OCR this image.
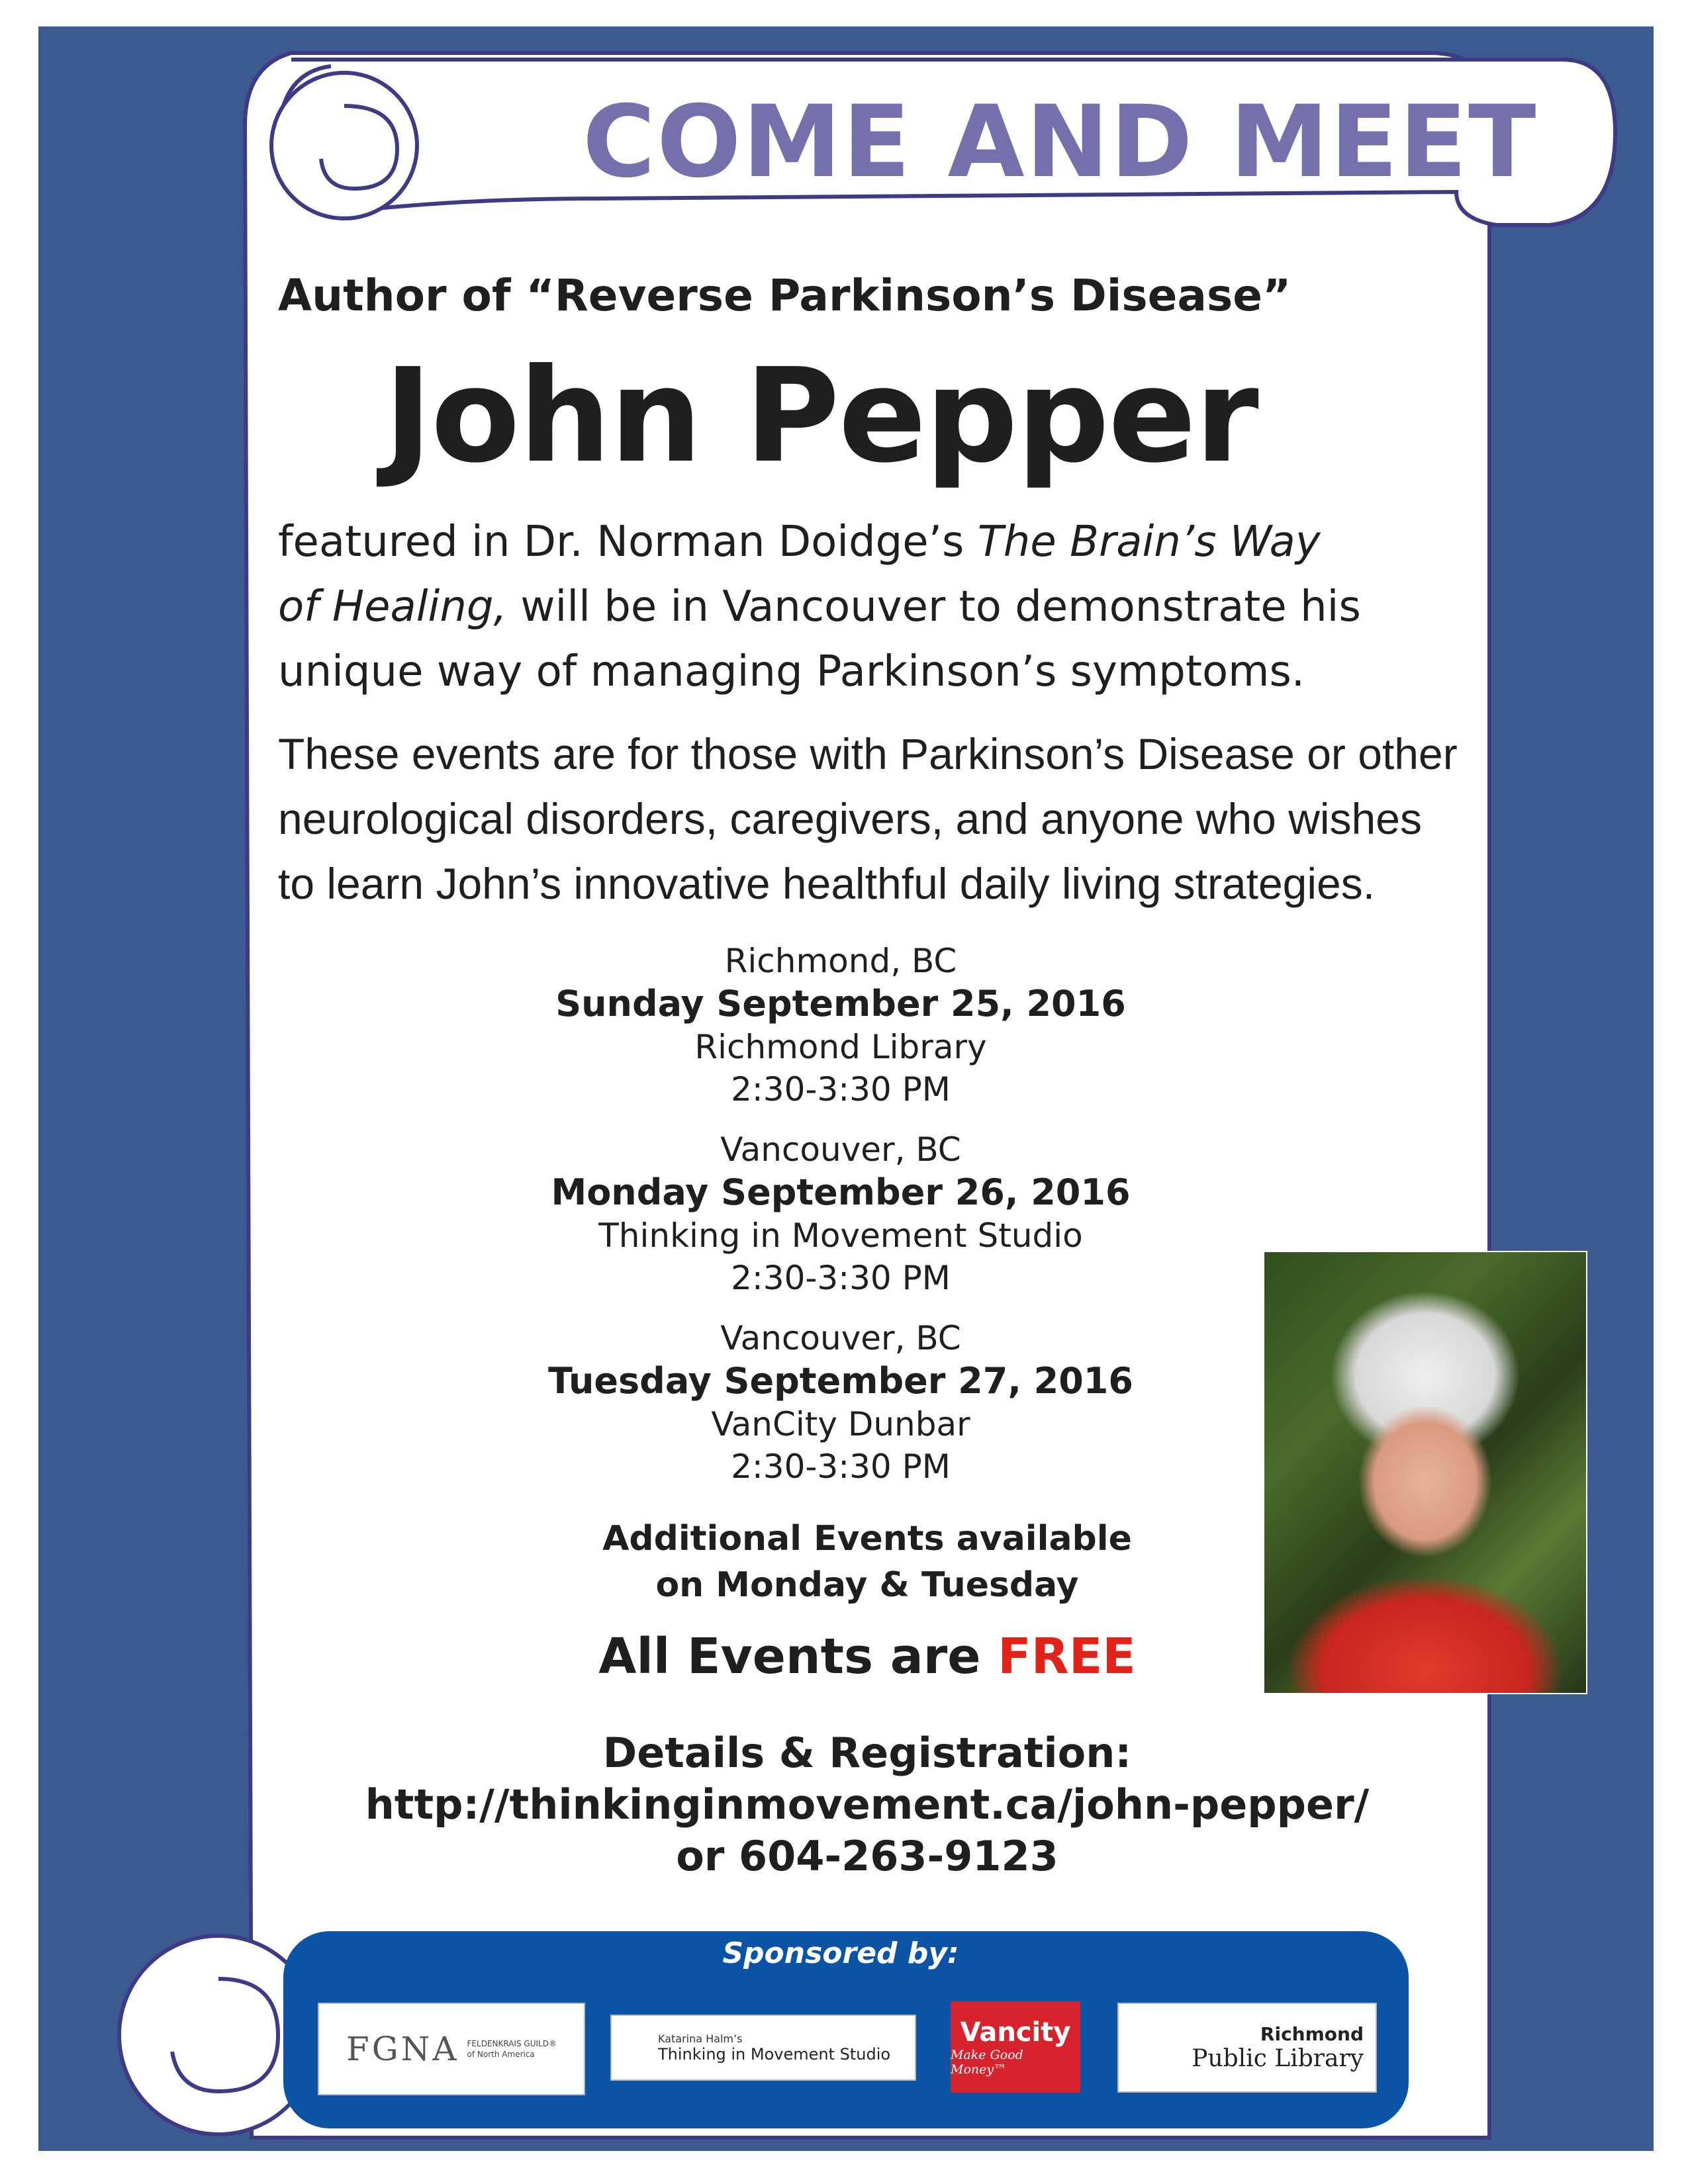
COME AND MEET
Author of “Reverse Parkinson’s Disease”
John Pepper
featured in Dr. Norman Doidge’s The Brain’s Way
of Healing, will be in Vancouver to demonstrate his
unique way of managing Parkinson’s symptoms.
These events are for those with Parkinson’s Disease or other
neurological disorders, caregivers, and anyone who wishes
to learn John’s innovative healthful daily living strategies.
Richmond, BC
Sunday September 25, 2016
Richmond Library
2:30-3:30 PM
Vancouver, BC
Monday September 26, 2016
Thinking in Movement Studio
2:30-3:30 PM
Vancouver, BC
Tuesday September 27, 2016
VanCity Dunbar
2:30-3:30 PM
Additional Events available
on Monday & Tuesday
All Events are FREE
Details & Registration:
http://thinkinginmovement.ca/john-pepper/
or 604-263-9123
Sponsored by:
FGNA FELDENKRAIS GUILD®
of North America
Katarina Halm’s
Thinking in Movement Studio
Vancity
Make Good Money™
Richmond
Public Library
